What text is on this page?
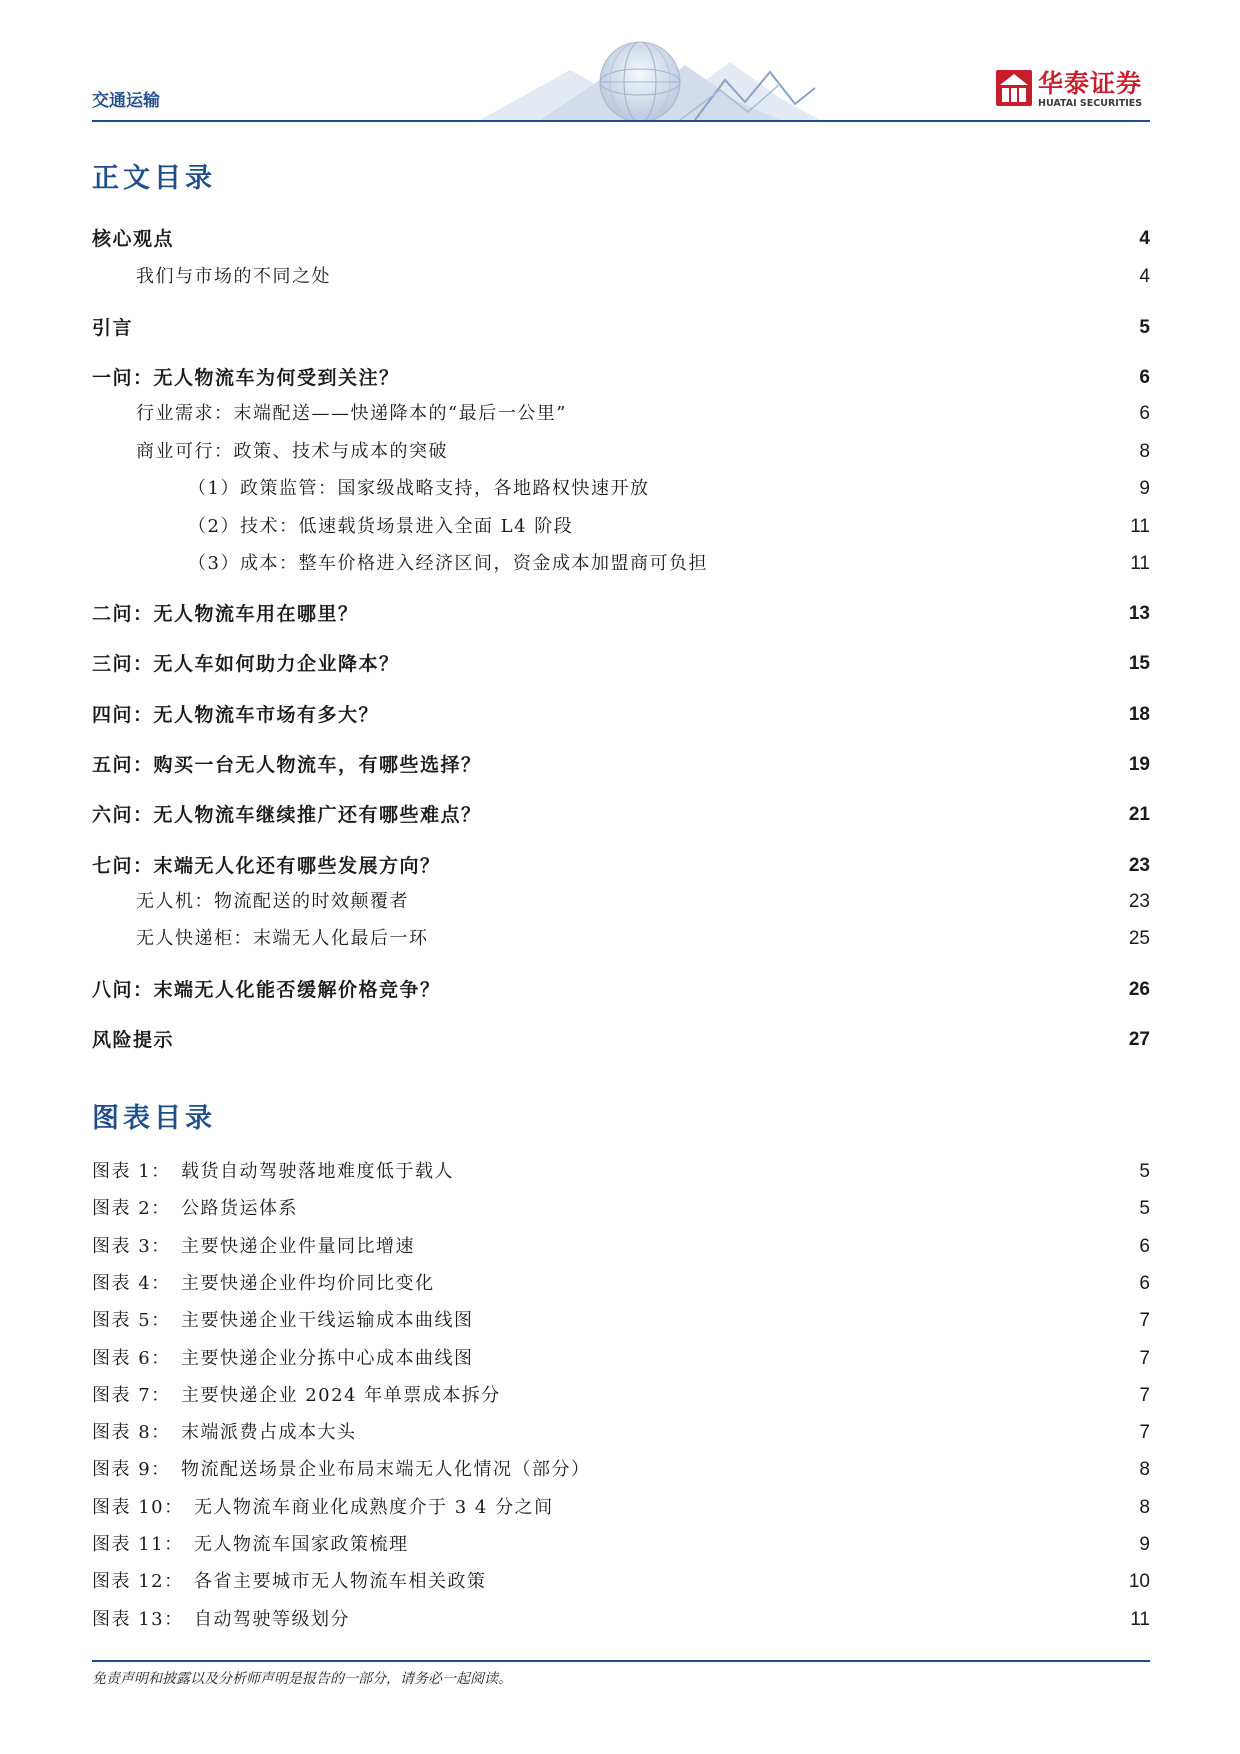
交通运输
华泰证券
HUATAI SECURITIES
正文目录
核心观点	4
我们与市场的不同之处	4
引言	5
一问：无人物流车为何受到关注？	6
行业需求：末端配送——快递降本的“最后一公里”	6
商业可行：政策、技术与成本的突破	8
（1）政策监管：国家级战略支持，各地路权快速开放	9
（2）技术：低速载货场景进入全面 L4 阶段	11
（3）成本：整车价格进入经济区间，资金成本加盟商可负担	11
二问：无人物流车用在哪里？	13
三问：无人车如何助力企业降本？	15
四问：无人物流车市场有多大？	18
五问：购买一台无人物流车，有哪些选择？	19
六问：无人物流车继续推广还有哪些难点？	21
七问：末端无人化还有哪些发展方向？	23
无人机：物流配送的时效颠覆者	23
无人快递柜：末端无人化最后一环	25
八问：末端无人化能否缓解价格竞争？	26
风险提示	27
图表目录
图表 1： 载货自动驾驶落地难度低于载人	5
图表 2： 公路货运体系	5
图表 3： 主要快递企业件量同比增速	6
图表 4： 主要快递企业件均价同比变化	6
图表 5： 主要快递企业干线运输成本曲线图	7
图表 6： 主要快递企业分拣中心成本曲线图	7
图表 7： 主要快递企业 2024 年单票成本拆分	7
图表 8： 末端派费占成本大头	7
图表 9： 物流配送场景企业布局末端无人化情况（部分）	8
图表 10： 无人物流车商业化成熟度介于 3 4 分之间	8
图表 11： 无人物流车国家政策梳理	9
图表 12： 各省主要城市无人物流车相关政策	10
图表 13： 自动驾驶等级划分	11
免责声明和披露以及分析师声明是报告的一部分，请务必一起阅读。
